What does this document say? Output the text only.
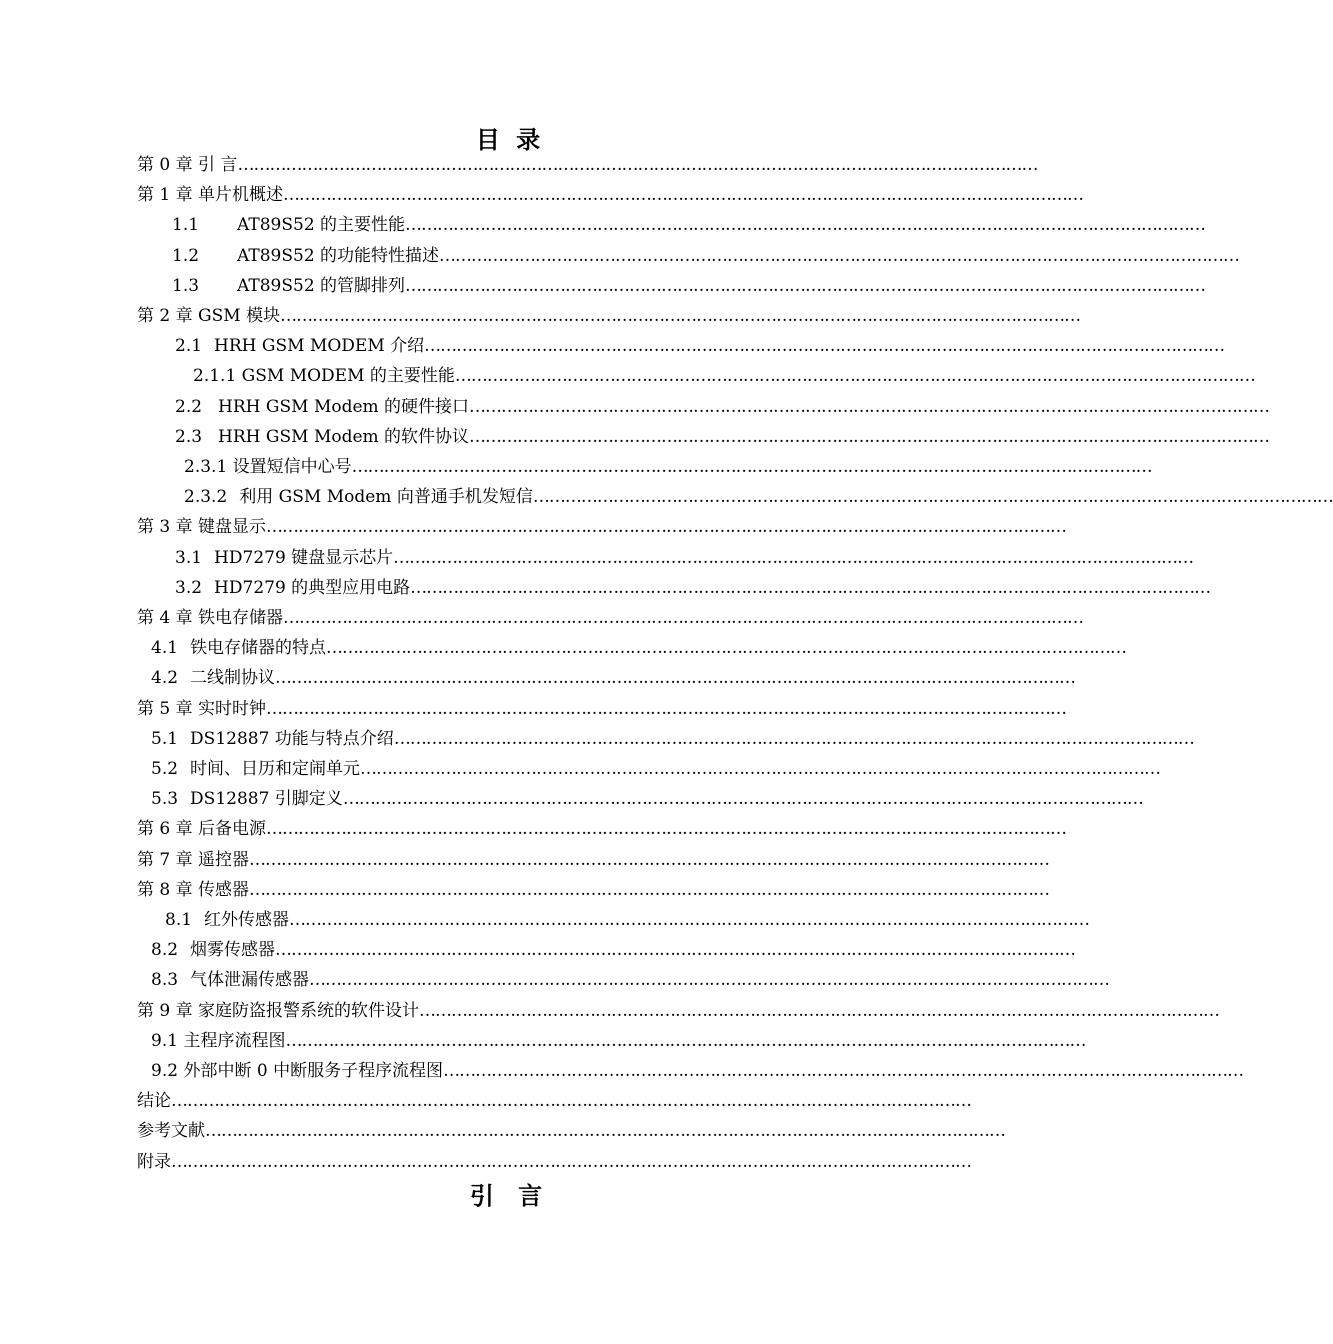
目 录
第 0 章 引 言……………………………………………………………………………………………………………………………………
第 1 章 单片机概述……………………………………………………………………………………………………………………………………
1.1 AT89S52 的主要性能……………………………………………………………………………………………………………………………………
1.2 AT89S52 的功能特性描述……………………………………………………………………………………………………………………………………
1.3 AT89S52 的管脚排列……………………………………………………………………………………………………………………………………
第 2 章 GSM 模块……………………………………………………………………………………………………………………………………
2.1 HRH GSM MODEM 介绍……………………………………………………………………………………………………………………………………
2.1.1 GSM MODEM 的主要性能……………………………………………………………………………………………………………………………………
2.2 HRH GSM Modem 的硬件接口……………………………………………………………………………………………………………………………………
2.3 HRH GSM Modem 的软件协议……………………………………………………………………………………………………………………………………
2.3.1 设置短信中心号……………………………………………………………………………………………………………………………………
2.3.2 利用 GSM Modem 向普通手机发短信……………………………………………………………………………………………………………………………………
第 3 章 键盘显示……………………………………………………………………………………………………………………………………
3.1 HD7279 键盘显示芯片……………………………………………………………………………………………………………………………………
3.2 HD7279 的典型应用电路……………………………………………………………………………………………………………………………………
第 4 章 铁电存储器……………………………………………………………………………………………………………………………………
4.1 铁电存储器的特点……………………………………………………………………………………………………………………………………
4.2 二线制协议……………………………………………………………………………………………………………………………………
第 5 章 实时时钟……………………………………………………………………………………………………………………………………
5.1 DS12887 功能与特点介绍……………………………………………………………………………………………………………………………………
5.2 时间、日历和定闹单元……………………………………………………………………………………………………………………………………
5.3 DS12887 引脚定义……………………………………………………………………………………………………………………………………
第 6 章 后备电源……………………………………………………………………………………………………………………………………
第 7 章 遥控器……………………………………………………………………………………………………………………………………
第 8 章 传感器……………………………………………………………………………………………………………………………………
8.1 红外传感器……………………………………………………………………………………………………………………………………
8.2 烟雾传感器……………………………………………………………………………………………………………………………………
8.3 气体泄漏传感器……………………………………………………………………………………………………………………………………
第 9 章 家庭防盗报警系统的软件设计……………………………………………………………………………………………………………………………………
9.1 主程序流程图……………………………………………………………………………………………………………………………………
9.2 外部中断 0 中断服务子程序流程图……………………………………………………………………………………………………………………………………
结论……………………………………………………………………………………………………………………………………
参考文献……………………………………………………………………………………………………………………………………
附录……………………………………………………………………………………………………………………………………
引 言
